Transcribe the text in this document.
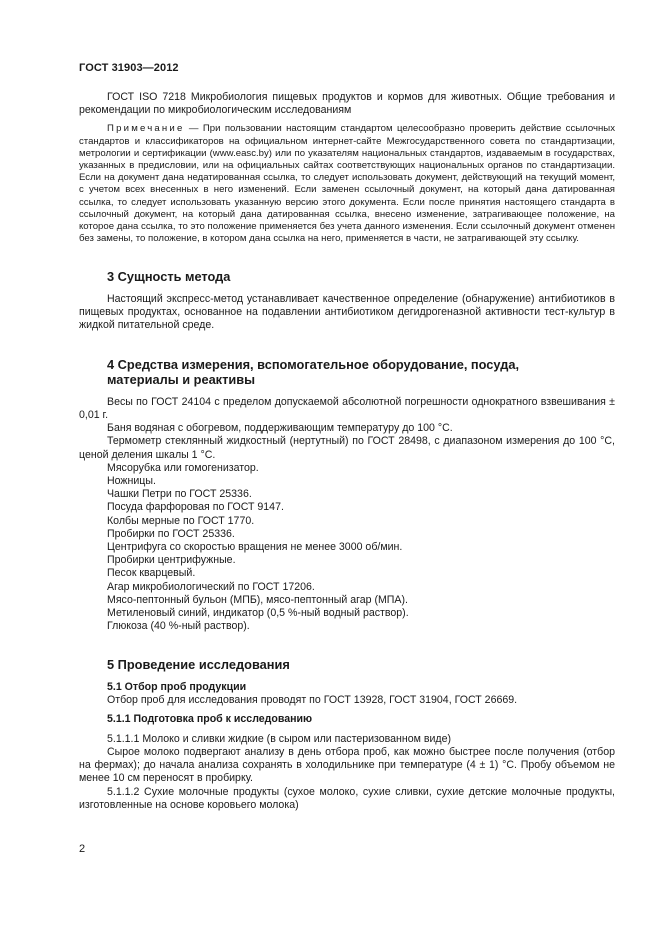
ГОСТ 31903—2012

ГОСТ ISO 7218 Микробиология пищевых продуктов и кормов для животных. Общие требования и рекомендации по микробиологическим исследованиям

Примечание — При пользовании настоящим стандартом целесообразно проверить действие ссылочных стандартов и классификаторов на официальном интернет-сайте Межгосударственного совета по стандартизации, метрологии и сертификации (www.easc.by) или по указателям национальных стандартов, издаваемым в государствах, указанных в предисловии, или на официальных сайтах соответствующих национальных органов по стандартизации. Если на документ дана недатированная ссылка, то следует использовать документ, действующий на текущий момент, с учетом всех внесенных в него изменений. Если заменен ссылочный документ, на который дана датированная ссылка, то следует использовать указанную версию этого документа. Если после принятия настоящего стандарта в ссылочный документ, на который дана датированная ссылка, внесено изменение, затрагивающее положение, на которое дана ссылка, то это положение применяется без учета данного изменения. Если ссылочный документ отменен без замены, то положение, в котором дана ссылка на него, применяется в части, не затрагивающей эту ссылку.

3 Сущность метода

Настоящий экспресс-метод устанавливает качественное определение (обнаружение) антибиотиков в пищевых продуктах, основанное на подавлении антибиотиком дегидрогеназной активности тест-культур в жидкой питательной среде.

4 Средства измерения, вспомогательное оборудование, посуда,
материалы и реактивы

Весы по ГОСТ 24104 с пределом допускаемой абсолютной погрешности однократного взвешивания ± 0,01 г.

Баня водяная с обогревом, поддерживающим температуру до 100 °С.

Термометр стеклянный жидкостный (нертутный) по ГОСТ 28498, с диапазоном измерения до 100 °С, ценой деления шкалы 1 °С.

Мясорубка или гомогенизатор.

Ножницы.

Чашки Петри по ГОСТ 25336.

Посуда фарфоровая по ГОСТ 9147.

Колбы мерные по ГОСТ 1770.

Пробирки по ГОСТ 25336.

Центрифуга со скоростью вращения не менее 3000 об/мин.

Пробирки центрифужные.

Песок кварцевый.

Агар микробиологический по ГОСТ 17206.

Мясо-пептонный бульон (МПБ), мясо-пептонный агар (МПА).

Метиленовый синий, индикатор (0,5 %-ный водный раствор).

Глюкоза (40 %-ный раствор).

5 Проведение исследования
5.1 Отбор проб продукции

Отбор проб для исследования проводят по ГОСТ 13928, ГОСТ 31904, ГОСТ 26669.

5.1.1 Подготовка проб к исследованию

5.1.1.1 Молоко и сливки жидкие (в сыром или пастеризованном виде)

Сырое молоко подвергают анализу в день отбора проб, как можно быстрее после получения (отбор на фермах); до начала анализа сохранять в холодильнике при температуре (4 ± 1) °С. Пробу объемом не менее 10 см переносят в пробирку.

5.1.1.2 Сухие молочные продукты (сухое молоко, сухие сливки, сухие детские молочные продукты, изготовленные на основе коровьего молока)

2
